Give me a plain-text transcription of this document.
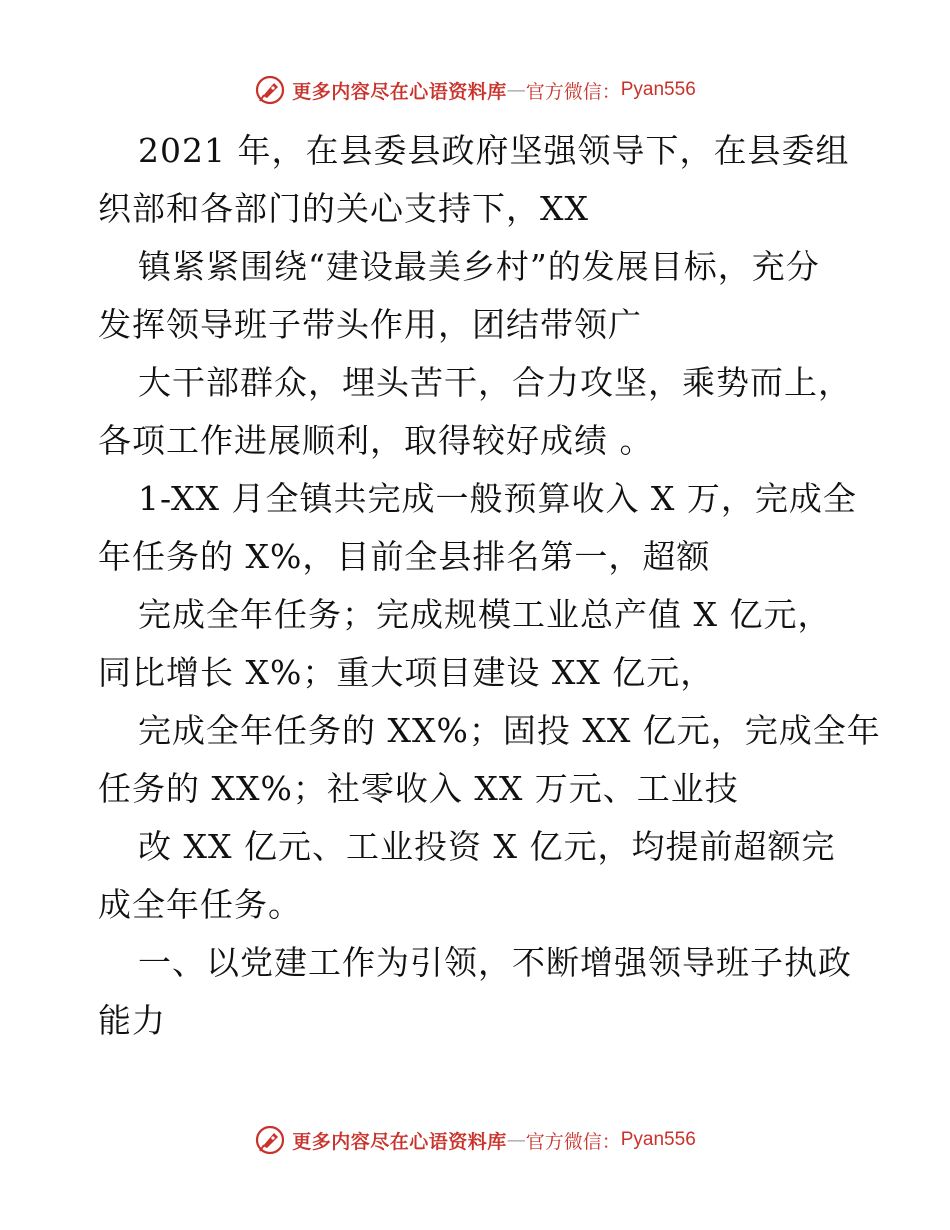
更多内容尽在心语资料库 — 官方微信： Pyan556
2021 年，在县委县政府坚强领导下，在县委组
织部和各部门的关心支持下，XX
镇紧紧围绕“建设最美乡村”的发展目标，充分
发挥领导班子带头作用，团结带领广
大干部群众，埋头苦干，合力攻坚，乘势而上，
各项工作进展顺利，取得较好成绩 。
1-XX 月全镇共完成一般预算收入 X 万，完成全
年任务的 X%，目前全县排名第一，超额
完成全年任务；完成规模工业总产值 X 亿元，
同比增长 X%；重大项目建设 XX 亿元，
完成全年任务的 XX%；固投 XX 亿元，完成全年
任务的 XX%；社零收入 XX 万元、工业技
改 XX 亿元、工业投资 X 亿元，均提前超额完
成全年任务。
一、以党建工作为引领，不断增强领导班子执政
能力
更多内容尽在心语资料库 — 官方微信： Pyan556
